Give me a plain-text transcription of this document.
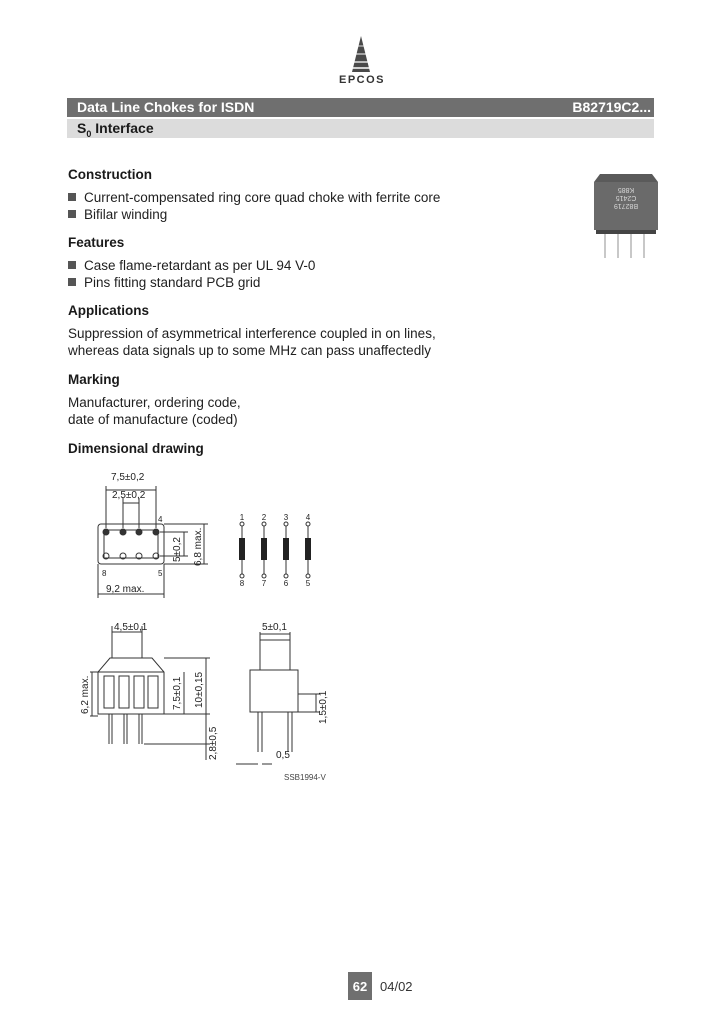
EPCOS
Data Line Chokes for ISDN	B82719C2...
$S_0$ Interface
Construction
Current-compensated ring core quad choke with ferrite core
Bifilar winding
Features
Case flame-retardant as per UL 94 V-0
Pins fitting standard PCB grid
Applications
Suppression of asymmetrical interference coupled in on lines,
whereas data signals up to some MHz can pass unaffectedly
Marking
Manufacturer, ordering code,
date of manufacture (coded)
Dimensional drawing
B82719
C2415
K885
7,5±0,2
2,5±0,2
4
8	5
9,2 max.
5±0,2 6,8 max.
1 2 3 4
8 7 6 5
4,5±0,1
6,2 max.	7,5±0,1 10±0,15
2,8±0,5
5±0,1
1,5±0,1
0,5
SSB1994-V
62 04/02
